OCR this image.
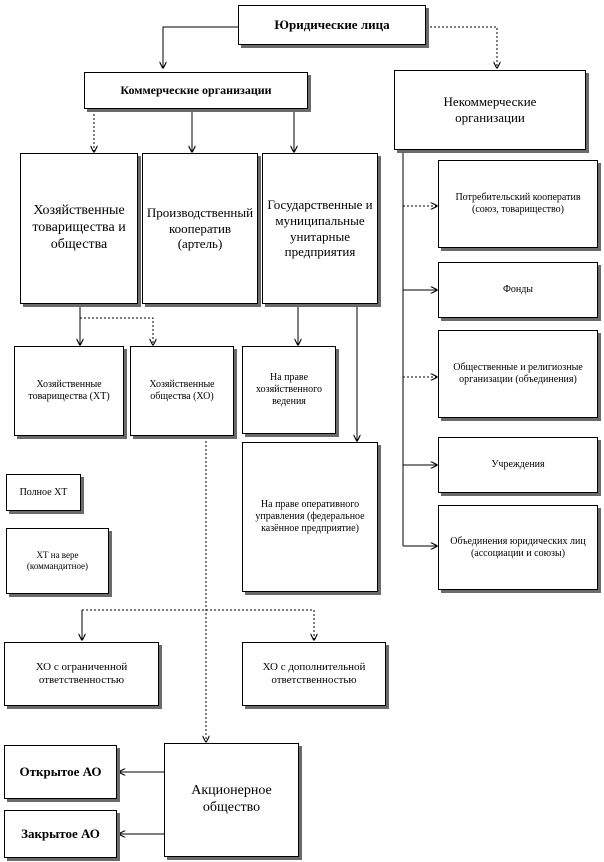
Юридические лица
Коммерческие организации
Некоммерческие организации
Хозяйственные товарищества и общества
Производственный кооператив (артель)
Государственные и муниципальные унитарные предприятия
Потребительский кооператив (союз, товарищество)
Фонды
Общественные и религиозные организации (объединения)
Учреждения
Объединения юридических лиц (ассоциации и союзы)
Хозяйственные товарищества (ХТ)
Хозяйственные общества (ХО)
На праве хозяйственного ведения
На праве оперативного управления (федеральное казённое предприятие)
Полное ХТ
ХТ на вере (коммандитное)
ХО с ограниченной ответственностью
ХО с дополнительной ответственностью
Акционерное общество
Открытое АО
Закрытое АО
